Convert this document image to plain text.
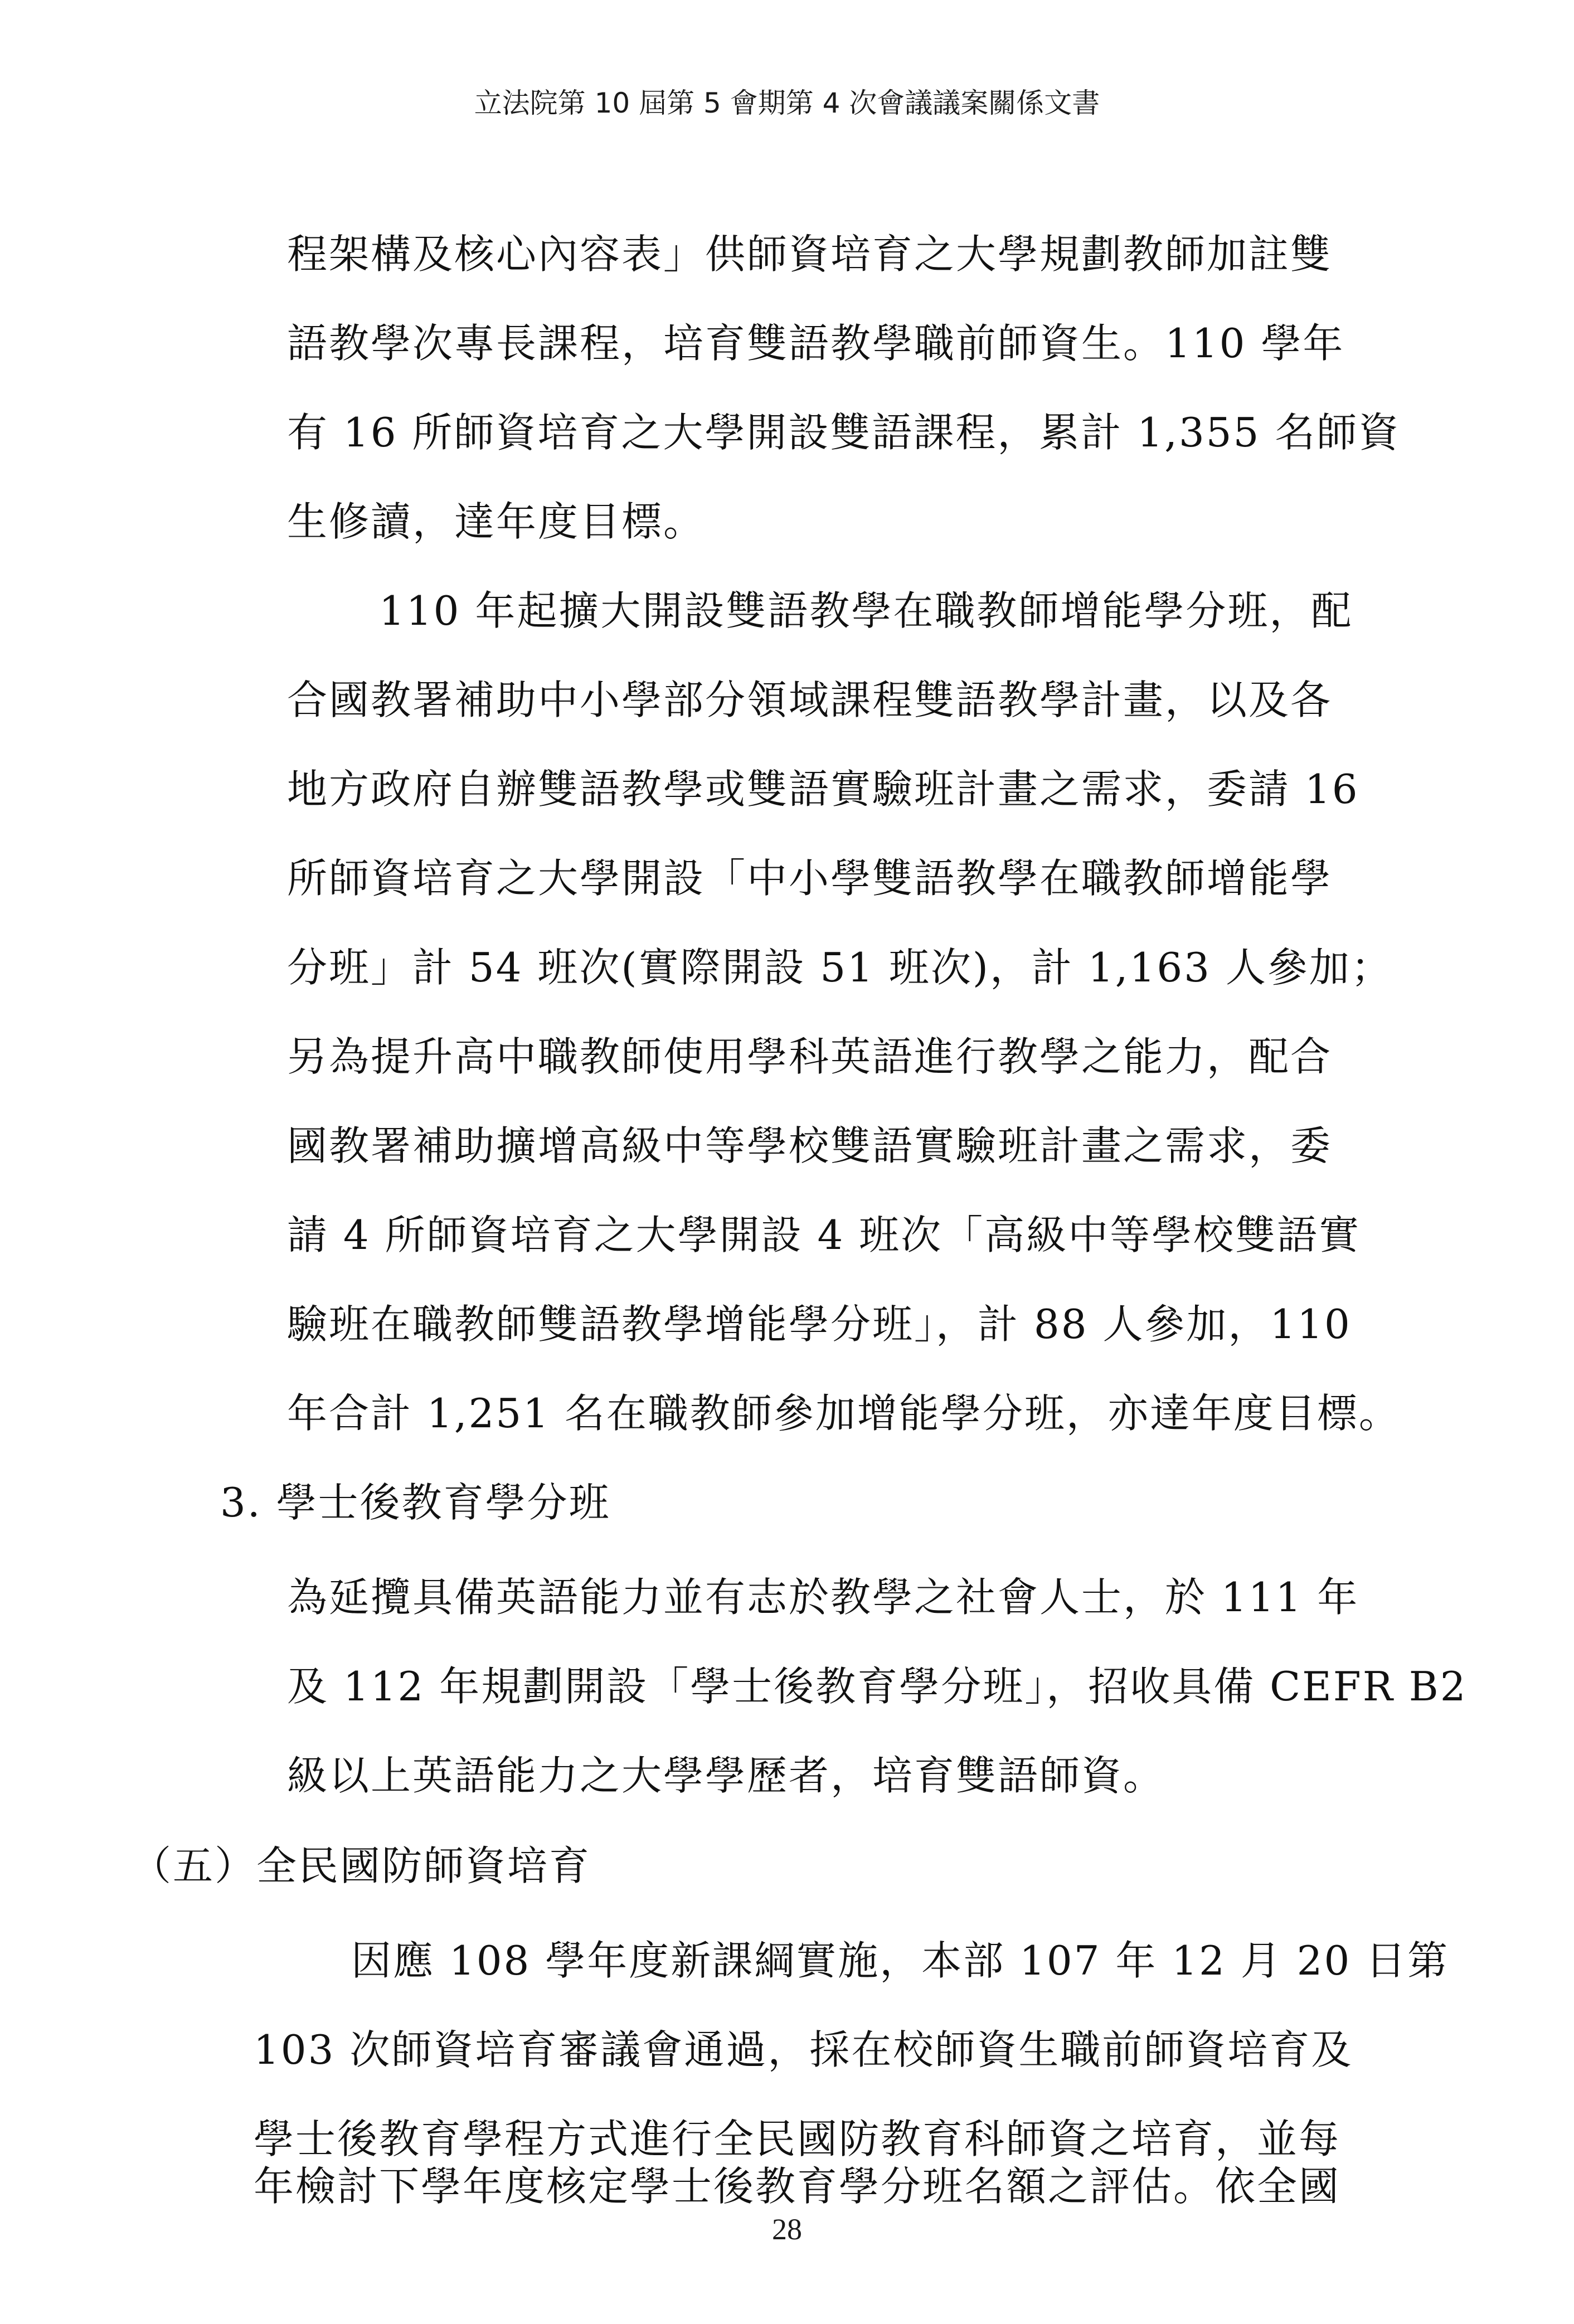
立法院第 10 屆第 5 會期第 4 次會議議案關係文書
程架構及核心內容表」供師資培育之大學規劃教師加註雙
語教學次專長課程，培育雙語教學職前師資生。110 學年
有 16 所師資培育之大學開設雙語課程，累計 1,355 名師資
生修讀，達年度目標。
110 年起擴大開設雙語教學在職教師增能學分班，配
合國教署補助中小學部分領域課程雙語教學計畫，以及各
地方政府自辦雙語教學或雙語實驗班計畫之需求，委請 16
所師資培育之大學開設「中小學雙語教學在職教師增能學
分班」計 54 班次(實際開設 51 班次)，計 1,163 人參加；
另為提升高中職教師使用學科英語進行教學之能力，配合
國教署補助擴增高級中等學校雙語實驗班計畫之需求，委
請 4 所師資培育之大學開設 4 班次「高級中等學校雙語實
驗班在職教師雙語教學增能學分班」，計 88 人參加，110
年合計 1,251 名在職教師參加增能學分班，亦達年度目標。
3. 學士後教育學分班
為延攬具備英語能力並有志於教學之社會人士，於 111 年
及 112 年規劃開設「學士後教育學分班」，招收具備 CEFR B2
級以上英語能力之大學學歷者，培育雙語師資。
（五）全民國防師資培育
因應 108 學年度新課綱實施，本部 107 年 12 月 20 日第
103 次師資培育審議會通過，採在校師資生職前師資培育及
學士後教育學程方式進行全民國防教育科師資之培育，並每
年檢討下學年度核定學士後教育學分班名額之評估。依全國
28
